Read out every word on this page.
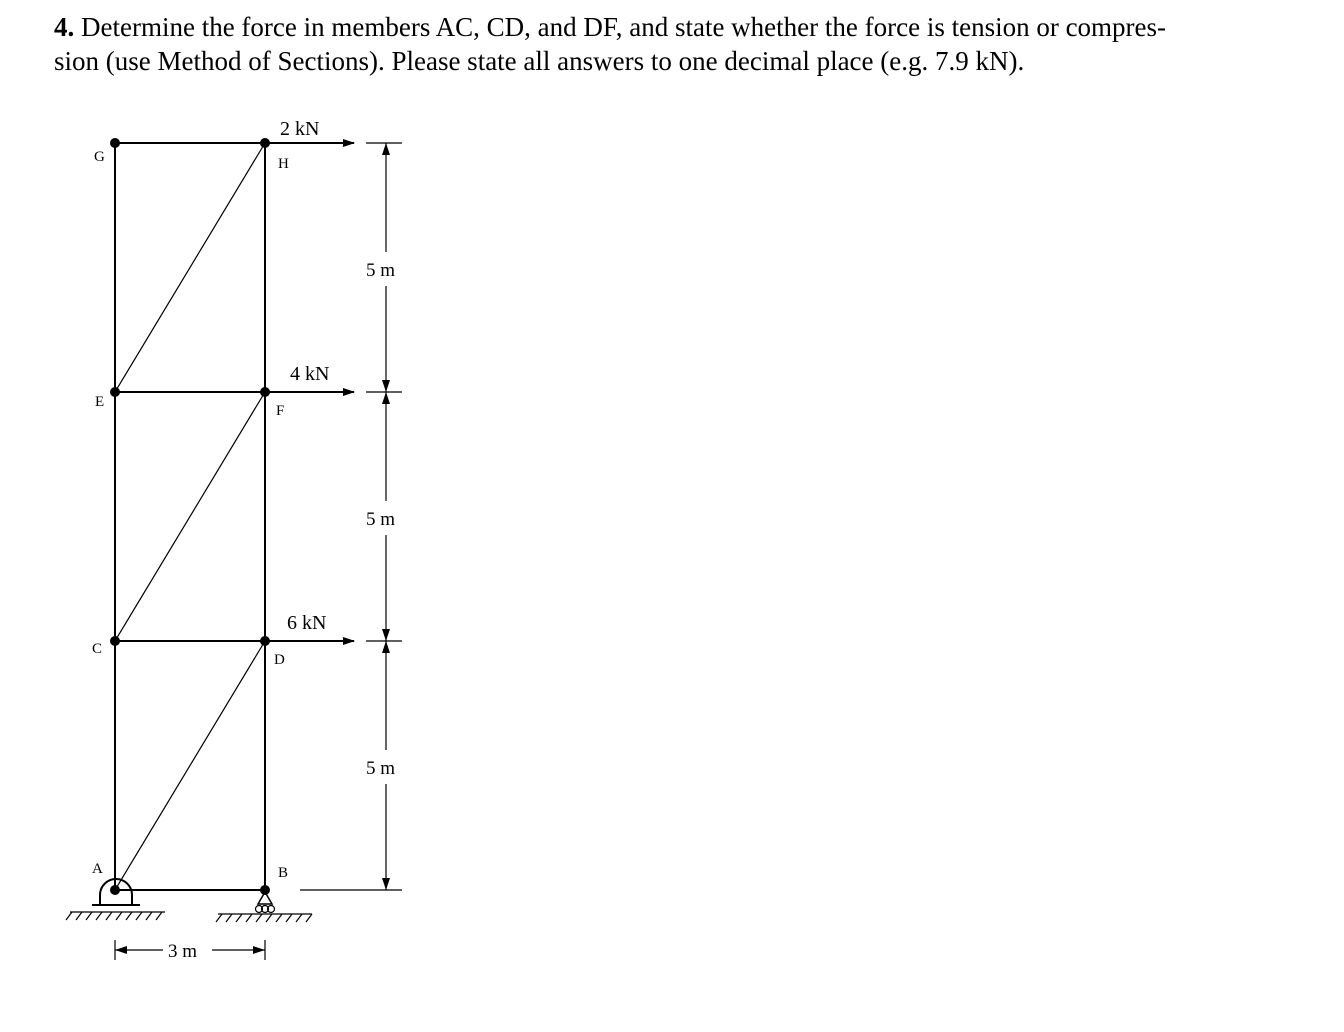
4. Determine the force in members AC, CD, and DF, and state whether the force is tension or compres-
sion (use Method of Sections). Please state all answers to one decimal place (e.g. 7.9 kN).

2 kN
4 kN
6 kN
G	H
E
F
C
D
A	B
5 m
5 m
5 m
3 m
